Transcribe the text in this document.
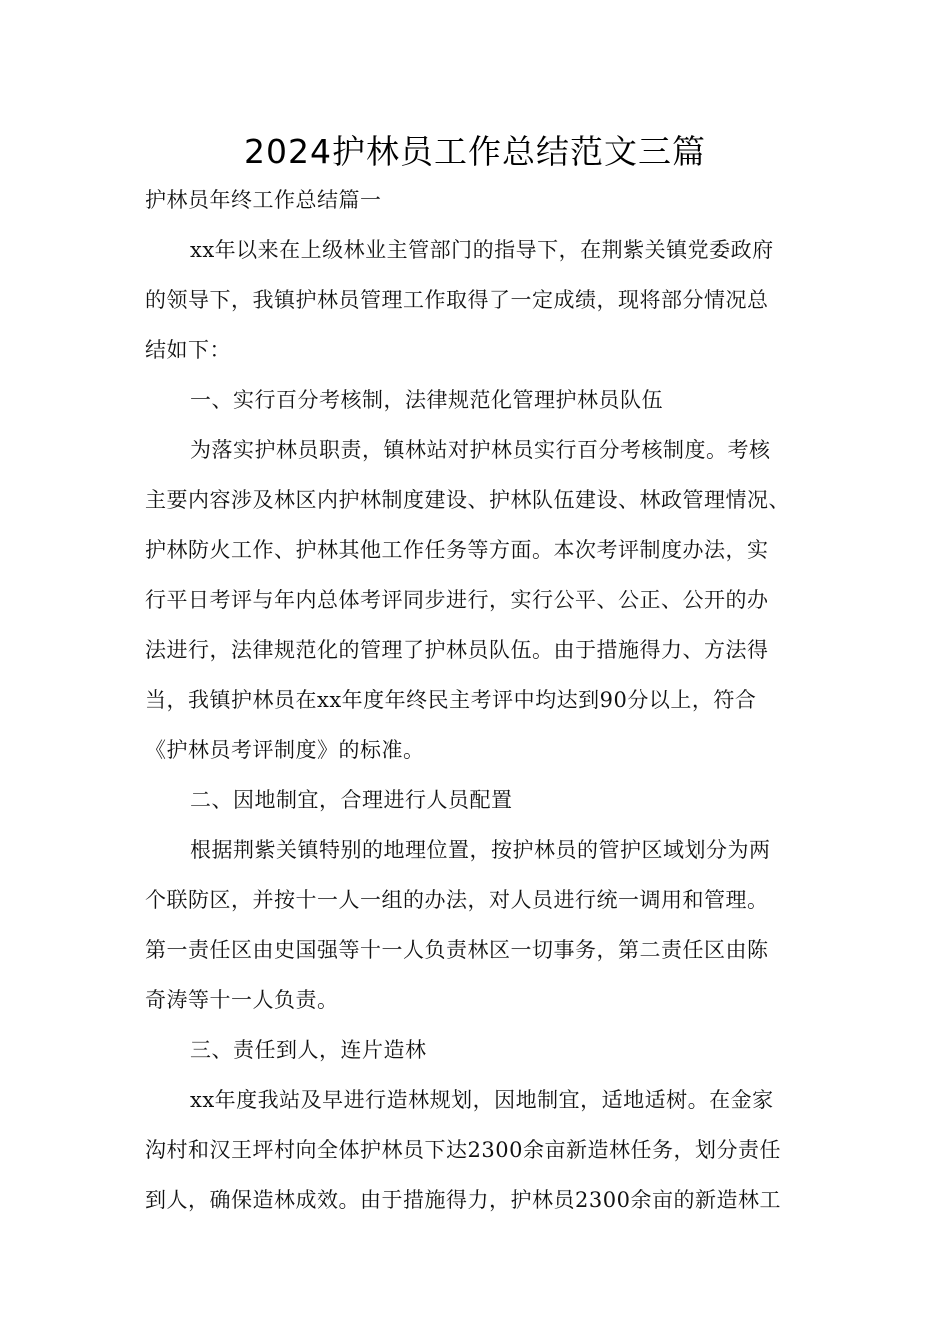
2024护林员工作总结范文三篇
护林员年终工作总结篇一
xx年以来在上级林业主管部门的指导下，在荆紫关镇党委政府
的领导下，我镇护林员管理工作取得了一定成绩，现将部分情况总
结如下：
一、实行百分考核制，法律规范化管理护林员队伍
为落实护林员职责，镇林站对护林员实行百分考核制度。考核
主要内容涉及林区内护林制度建设、护林队伍建设、林政管理情况、
护林防火工作、护林其他工作任务等方面。本次考评制度办法，实
行平日考评与年内总体考评同步进行，实行公平、公正、公开的办
法进行，法律规范化的管理了护林员队伍。由于措施得力、方法得
当，我镇护林员在xx年度年终民主考评中均达到90分以上，符合
《护林员考评制度》的标准。
二、因地制宜，合理进行人员配置
根据荆紫关镇特别的地理位置，按护林员的管护区域划分为两
个联防区，并按十一人一组的办法，对人员进行统一调用和管理。
第一责任区由史国强等十一人负责林区一切事务，第二责任区由陈
奇涛等十一人负责。
三、责任到人，连片造林
xx年度我站及早进行造林规划，因地制宜，适地适树。在金家
沟村和汉王坪村向全体护林员下达2300余亩新造林任务，划分责任
到人，确保造林成效。由于措施得力，护林员2300余亩的新造林工
